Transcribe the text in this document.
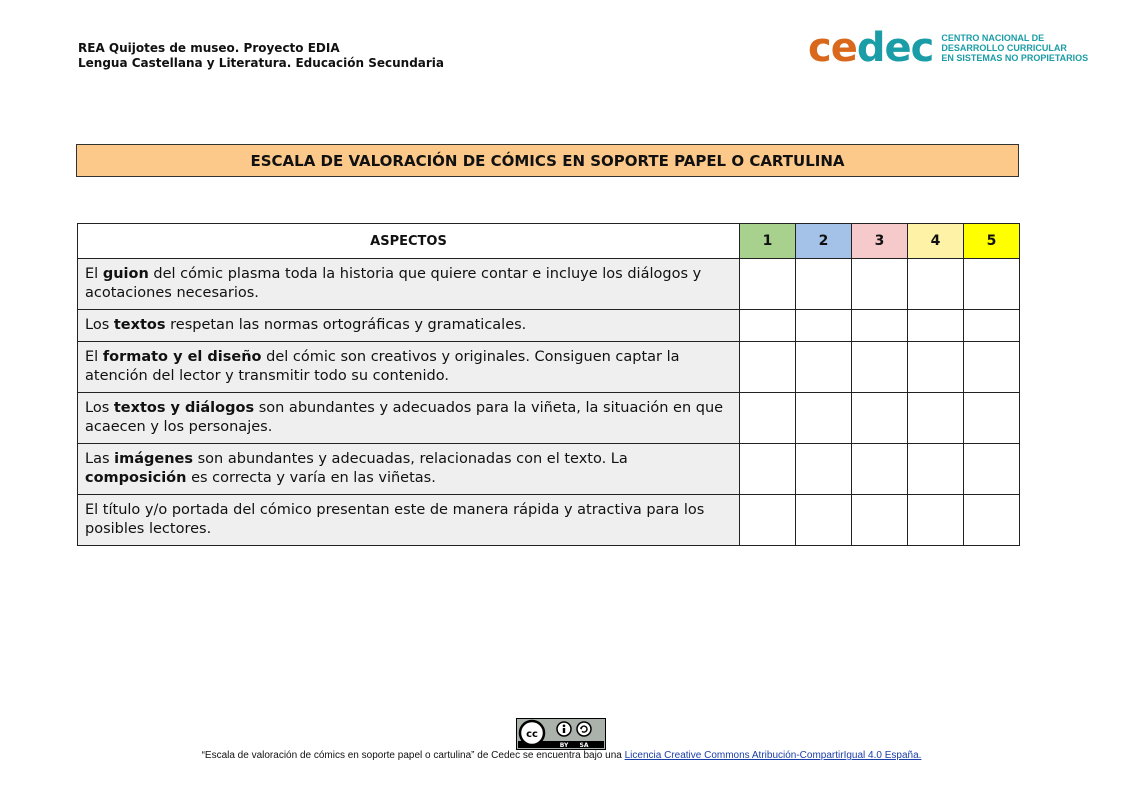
REA Quijotes de museo. Proyecto EDIA
Lengua Castellana y Literatura. Educación Secundaria	cedec CENTRO NACIONAL DE
DESARROLLO CURRICULAR
EN SISTEMAS NO PROPIETARIOS
ESCALA DE VALORACIÓN DE CÓMICS EN SOPORTE PAPEL O CARTULINA
ASPECTOS	1	2	3	4	5
El guion del cómic plasma toda la historia que quiere contar e incluye los diálogos y acotaciones necesarios.					
Los textos respetan las normas ortográficas y gramaticales.					
El formato y el diseño del cómic son creativos y originales. Consiguen captar la atención del lector y transmitir todo su contenido.					
Los textos y diálogos son abundantes y adecuados para la viñeta, la situación en que acaecen y los personajes.					
Las imágenes son abundantes y adecuadas, relacionadas con el texto. La composición es correcta y varía en las viñetas.					
El título y/o portada del cómico presentan este de manera rápida y atractiva para los posibles lectores.					
cc
BY SA
“Escala de valoración de cómics en soporte papel o cartulina” de Cedec se encuentra bajo una Licencia Creative Commons Atribución-CompartirIgual 4.0 España.
